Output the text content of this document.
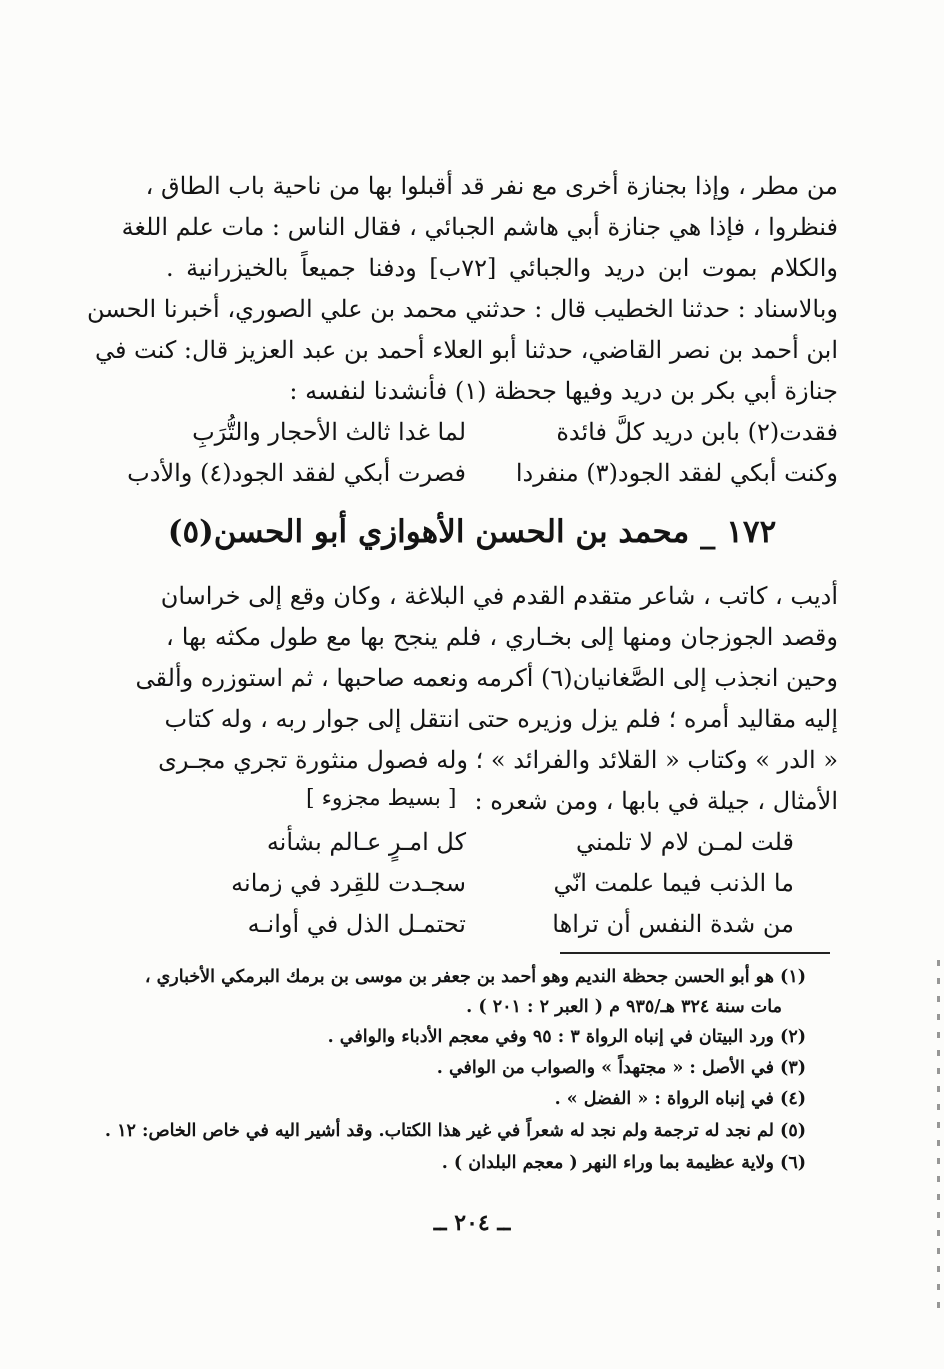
من مطر ، وإذا بجنازة أخرى مع نفر قد أقبلوا بها من ناحية باب الطاق ،
فنظروا ، فإذا هي جنازة أبي هاشم الجبائي ، فقال الناس : مات علم اللغة
والكلام بموت ابن دريد والجبائي [٧٢ب] ودفنا جميعاً بالخيزرانية .
وبالاسناد : حدثنا الخطيب قال : حدثني محمد بن علي الصوري، أخبرنا الحسن
ابن أحمد بن نصر القاضي، حدثنا أبو العلاء أحمد بن عبد العزيز قال: كنت في
جنازة أبي بكر بن دريد وفيها جحظة (١) فأنشدنا لنفسه :
فقدت(٢) بابن دريد كلَّ فائدة
لما غدا ثالث الأحجار والتُّرَبِ
وكنت أبكي لفقد الجود(٣) منفردا
فصرت أبكي لفقد الجود(٤) والأدب
١٧٢ _ محمد بن الحسن الأهوازي أبو الحسن(٥)
أديب ، كاتب ، شاعر متقدم القدم في البلاغة ، وكان وقع إلى خراسان
وقصد الجوزجان ومنها إلى بخـاري ، فلم ينجح بها مع طول مكثه بها ،
وحين انجذب إلى الصَّغانيان(٦) أكرمه ونعمه صاحبها ، ثم استوزره وألقى
إليه مقاليد أمره ؛ فلم يزل وزيره حتى انتقل إلى جوار ربه ، وله كتاب
« الدر » وكتاب « القلائد والفرائد » ؛ وله فصول منثورة تجري مجـرى
الأمثال ، جيلة في بابها ، ومن شعره :
[ بسيط مجزوء ]
قلت لمـن لام لا تلمني
كل امـرٍ عـالم بشأنه
ما الذنب فيما علمت انّي
سجـدت للقِرد في زمانه
من شدة النفس أن تراها
تحتمـل الذل في أوانـه
(١) هو أبو الحسن جحظة النديم وهو أحمد بن جعفر بن موسى بن برمك البرمكي الأخباري ،
مات سنة ٣٢٤ هـ/٩٣٥ م ( العبر ٢ : ٢٠١ ) .
(٢) ورد البيتان في إنباه الرواة ٣ : ٩٥ وفي معجم الأدباء والوافي .
(٣) في الأصل : « مجتهداً » والصواب من الوافي .
(٤) في إنباه الرواة : « الفضل » .
(٥) لم نجد له ترجمة ولم نجد له شعراً في غير هذا الكتاب. وقد أشير اليه في خاص الخاص: ١٢ .
(٦) ولاية عظيمة بما وراء النهر ( معجم البلدان ) .
ــ ٢٠٤ ــ
